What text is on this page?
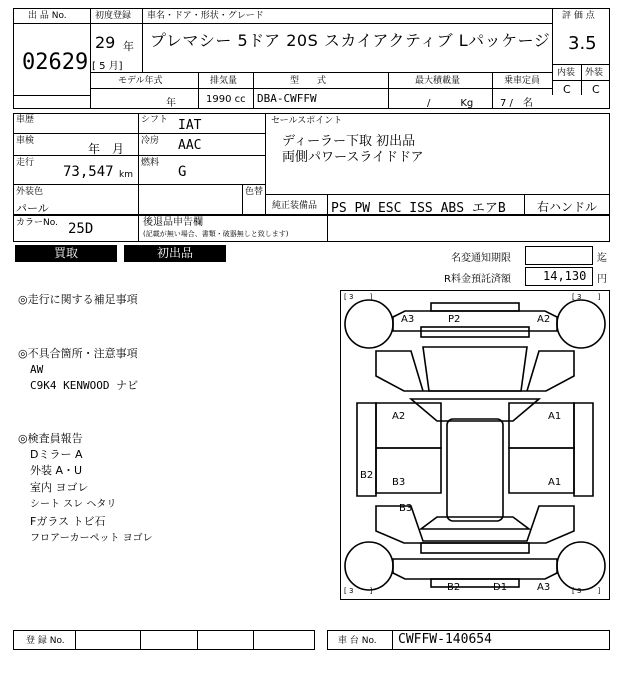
出 品 No.
02629
初度登録
29 年
[ 5 月]
車名・ドア・形状・グレード
プレマシー 5ドア 20S スカイアクティブ Lパッケージ
評 価 点
3.5
内装 外装
C C
モデル年式
年
排気量
1990 cc
型　　式
DBA-CWFFW
最大積載量
/　　　Kg
乗車定員
7 /　名
車歴	シフト IAT
車検
年　月
冷房 AAC
走行
73,547 km
燃料
G
外装色
パール
色替
セールスポイント
ディーラー下取 初出品
両側パワースライドドア
純正装備品 PS PW ESC ISS ABS エアB	右ハンドル
カラーNo. 25D	後退品申告欄
(記載が無い場合、書類・破器無しと致します)
買取	初出品	名変通知期限	迄
R料金預託済額	14,130 円
◎走行に関する補足事項
◎不具合箇所・注意事項
AW
C9K4 KENWOOD ナビ
◎検査員報告
Dミラー A
外装 A・U
室内 ヨゴレ
シート スレ ヘタリ
Fガラス トビ石
フロアーカーペット ヨゴレ
[ 3 　　]	[ 3 　　]
[ 3 　　]	[ 3 　　]
A3	P2	A2
A2	A1
B2
B3	A1
B3
B2	D1	A3
登 録 No.	車 台 No. CWFFW-140654
